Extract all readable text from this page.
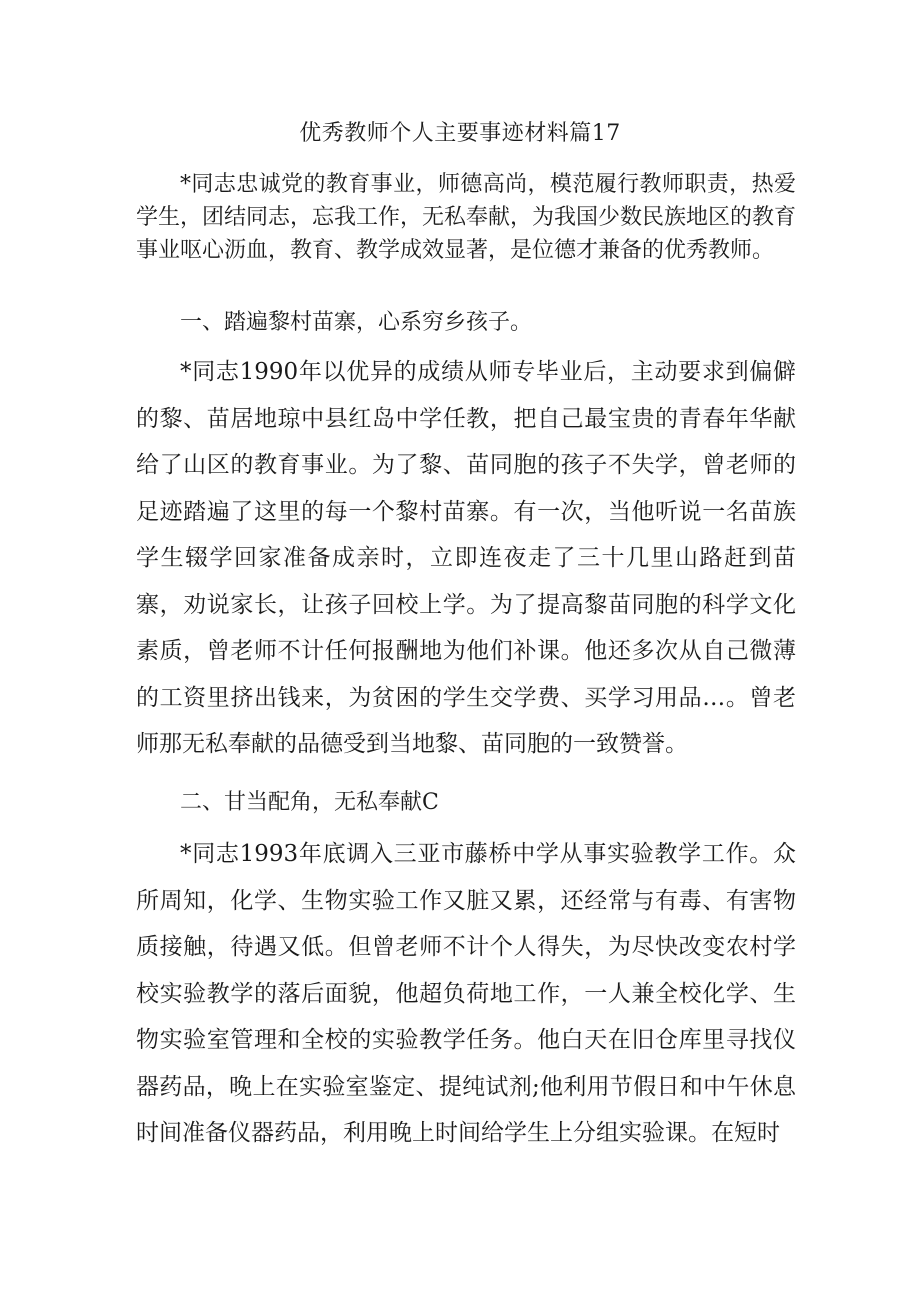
优秀教师个人主要事迹材料篇17

*同志忠诚党的教育事业，师德高尚，模范履行教师职责，热爱学生，团结同志，忘我工作，无私奉献，为我国少数民族地区的教育事业呕心沥血，教育、教学成效显著，是位德才兼备的优秀教师。

一、踏遍黎村苗寨，心系穷乡孩子。

*同志1990年以优异的成绩从师专毕业后，主动要求到偏僻的黎、苗居地琼中县红岛中学任教，把自己最宝贵的青春年华献给了山区的教育事业。为了黎、苗同胞的孩子不失学，曾老师的足迹踏遍了这里的每一个黎村苗寨。有一次，当他听说一名苗族学生辍学回家准备成亲时，立即连夜走了三十几里山路赶到苗寨，劝说家长，让孩子回校上学。为了提高黎苗同胞的科学文化素质，曾老师不计任何报酬地为他们补课。他还多次从自己微薄的工资里挤出钱来，为贫困的学生交学费、买学习用品…。曾老师那无私奉献的品德受到当地黎、苗同胞的一致赞誉。

二、甘当配角，无私奉献C

*同志1993年底调入三亚市藤桥中学从事实验教学工作。众所周知，化学、生物实验工作又脏又累，还经常与有毒、有害物质接触，待遇又低。但曾老师不计个人得失，为尽快改变农村学校实验教学的落后面貌，他超负荷地工作，一人兼全校化学、生物实验室管理和全校的实验教学任务。他白天在旧仓库里寻找仪器药品，晚上在实验室鉴定、提纯试剂;他利用节假日和中午休息时间准备仪器药品，利用晚上时间给学生上分组实验课。在短时
